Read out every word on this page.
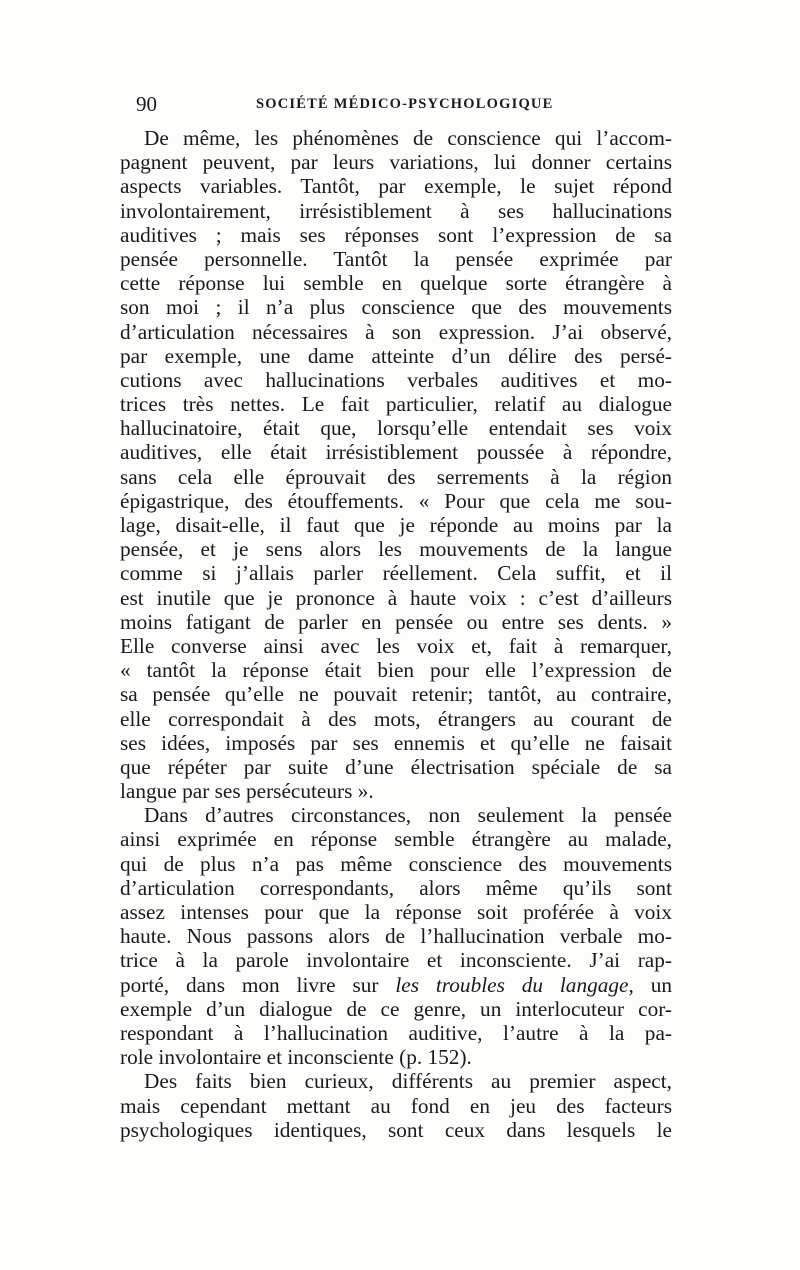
90	SOCIÉTÉ MÉDICO-PSYCHOLOGIQUE
De même, les phénomènes de conscience qui l’accom-
pagnent peuvent, par leurs variations, lui donner certains
aspects variables. Tantôt, par exemple, le sujet répond
involontairement, irrésistiblement à ses hallucinations
auditives ; mais ses réponses sont l’expression de sa
pensée personnelle. Tantôt la pensée exprimée par
cette réponse lui semble en quelque sorte étrangère à
son moi ; il n’a plus conscience que des mouvements
d’articulation nécessaires à son expression. J’ai observé,
par exemple, une dame atteinte d’un délire des persé-
cutions avec hallucinations verbales auditives et mo-
trices très nettes. Le fait particulier, relatif au dialogue
hallucinatoire, était que, lorsqu’elle entendait ses voix
auditives, elle était irrésistiblement poussée à répondre,
sans cela elle éprouvait des serrements à la région
épigastrique, des étouffements. « Pour que cela me sou-
lage, disait-elle, il faut que je réponde au moins par la
pensée, et je sens alors les mouvements de la langue
comme si j’allais parler réellement. Cela suffit, et il
est inutile que je prononce à haute voix : c’est d’ailleurs
moins fatigant de parler en pensée ou entre ses dents. »
Elle converse ainsi avec les voix et, fait à remarquer,
« tantôt la réponse était bien pour elle l’expression de
sa pensée qu’elle ne pouvait retenir; tantôt, au contraire,
elle correspondait à des mots, étrangers au courant de
ses idées, imposés par ses ennemis et qu’elle ne faisait
que répéter par suite d’une électrisation spéciale de sa
langue par ses persécuteurs ».
Dans d’autres circonstances, non seulement la pensée
ainsi exprimée en réponse semble étrangère au malade,
qui de plus n’a pas même conscience des mouvements
d’articulation correspondants, alors même qu’ils sont
assez intenses pour que la réponse soit proférée à voix
haute. Nous passons alors de l’hallucination verbale mo-
trice à la parole involontaire et inconsciente. J’ai rap-
porté, dans mon livre sur les troubles du langage, un
exemple d’un dialogue de ce genre, un interlocuteur cor-
respondant à l’hallucination auditive, l’autre à la pa-
role involontaire et inconsciente (p. 152).
Des faits bien curieux, différents au premier aspect,
mais cependant mettant au fond en jeu des facteurs
psychologiques identiques, sont ceux dans lesquels le
